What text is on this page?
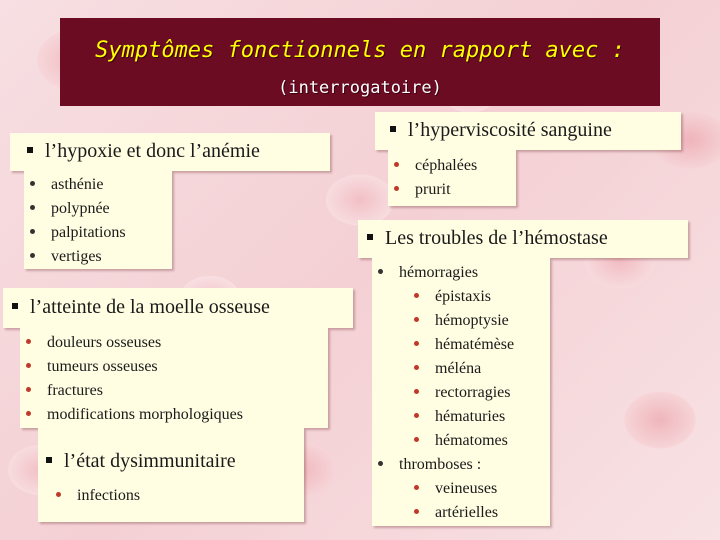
Symptômes fonctionnels en rapport avec :
(interrogatoire)
l’hypoxie et donc l’anémie
asthénie
polypnée
palpitations
vertiges
l’atteinte de la moelle osseuse
douleurs osseuses
tumeurs osseuses
fractures
modifications morphologiques
l’état dysimmunitaire
infections
l’hyperviscosité sanguine
céphalées
prurit
Les troubles de l’hémostase
hémorragies
épistaxis
hémoptysie
hématémèse
méléna
rectorragies
hématuries
hématomes
thromboses :
veineuses
artérielles
